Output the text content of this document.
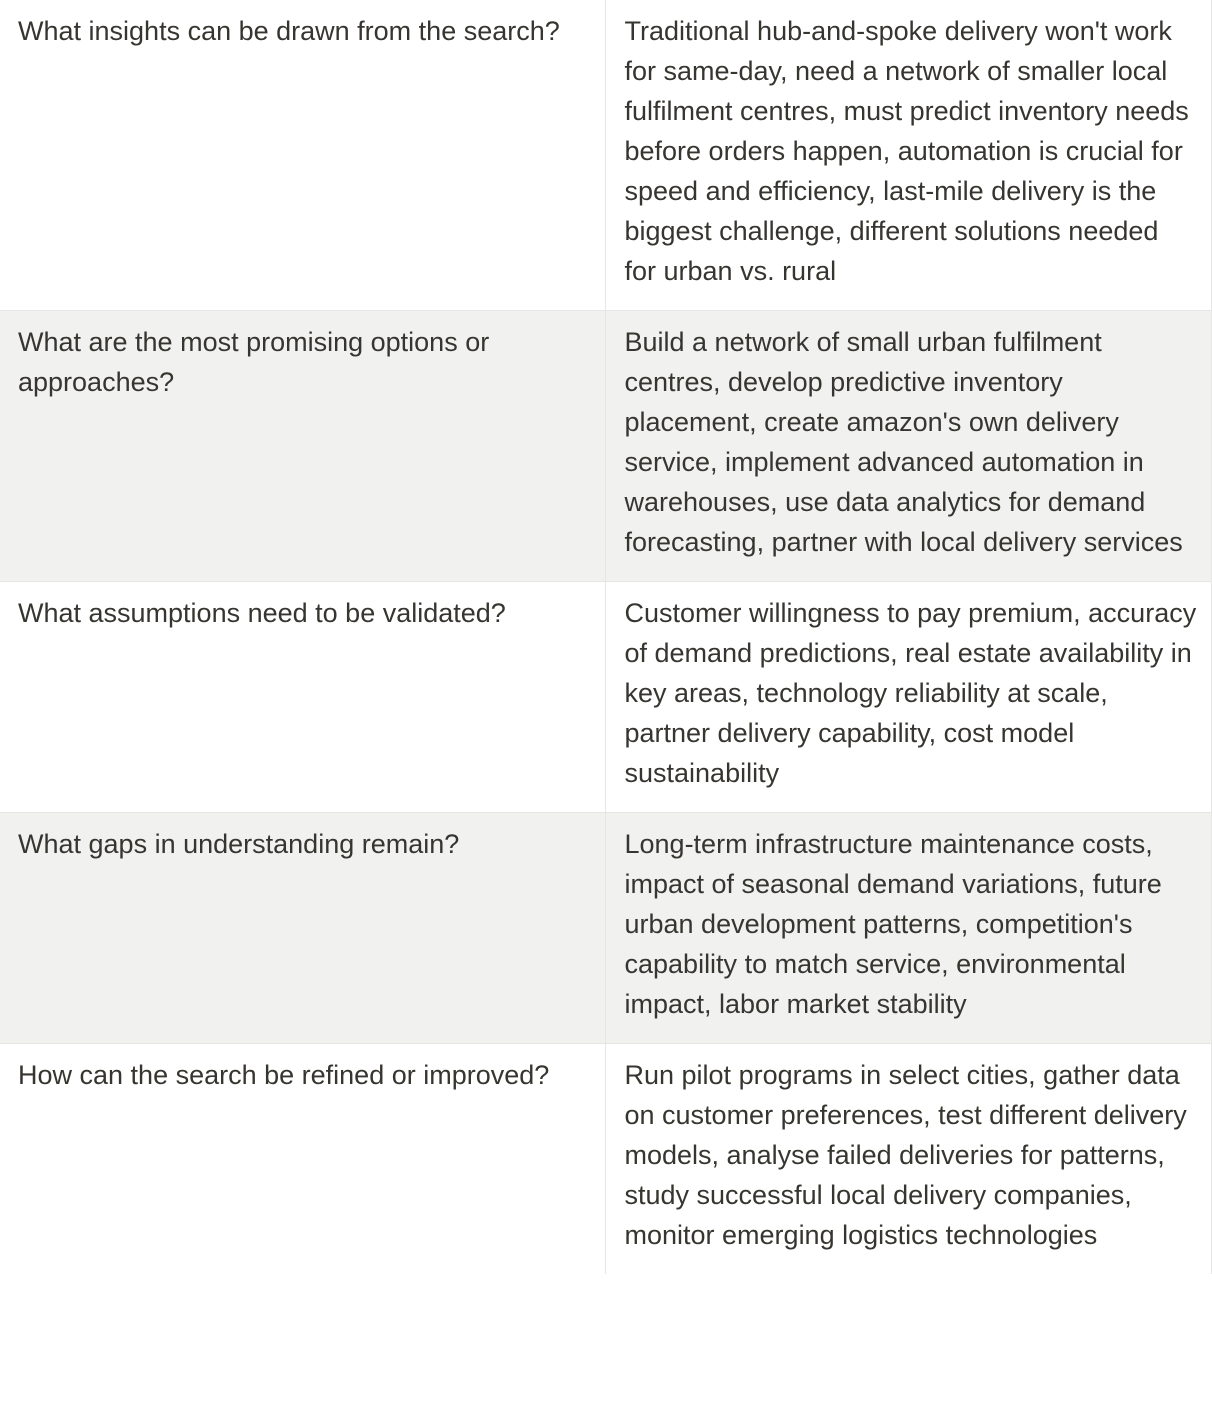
What insights can be drawn from the search?	Traditional hub-and-spoke delivery won't work for same-day, need a network of smaller local fulfilment centres, must predict inventory needs before orders happen, automation is crucial for speed and efficiency, last-mile delivery is the biggest challenge, different solutions needed for urban vs. rural
What are the most promising options or approaches?	Build a network of small urban fulfilment centres, develop predictive inventory placement, create amazon's own delivery service, implement advanced automation in warehouses, use data analytics for demand forecasting, partner with local delivery services
What assumptions need to be validated?	Customer willingness to pay premium, accuracy of demand predictions, real estate availability in key areas, technology reliability at scale, partner delivery capability, cost model sustainability
What gaps in understanding remain?	Long-term infrastructure maintenance costs, impact of seasonal demand variations, future urban development patterns, competition's capability to match service, environmental impact, labor market stability
How can the search be refined or improved?	Run pilot programs in select cities, gather data on customer preferences, test different delivery models, analyse failed deliveries for patterns, study successful local delivery companies, monitor emerging logistics technologies
